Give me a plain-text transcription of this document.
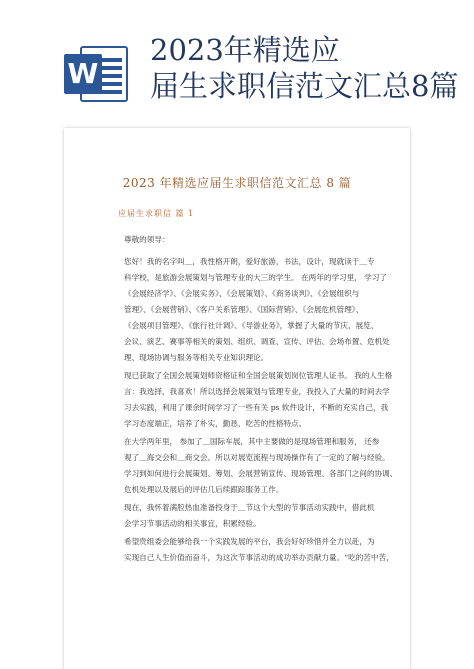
W
2023年精选应
届生求职信范文汇总8篇
2023 年精选应届生求职信范文汇总 8 篇
应届生求职信 篇 1
尊敬的领导：
您好！我的名字叫＿，我性格开朗，爱好旅游，书法，设计，现就读于＿专
科学校，是旅游会展策划与管理专业的大三的学生。 在两年的学习里， 学习了
《会展经济学》、《会展实务》、《会展策划》、《商务谈判》、《会展组织与
管理》、《会展营销》、《客户关系管理》、《国际营销》、《会展危机管理》、
《会展项目管理》、《旅行社计调》、《导游业务》，掌握了大量的节庆、展览、
会议、演艺、赛事等相关的策划、组织、调查、宣传、评估、会场布置、危机处
理、现场协调与服务等相关专业知识理论。
现已获取了全国会展策划师资格证和全国会展策划岗位管理人证书。 我的人生格
言：我选择，我喜欢！所以选择会展策划与管理专业，我投入了大量的时间去学
习去实践，利用了课余时间学习了一些有关 ps 软件设计，不断的充实自己，我
学习态度端正，培养了朴实，勤恳，吃苦的性格特点。
在大学两年里， 参加了＿国际车展，其中主要做的是现场管理和服务， 还参
观了＿海交会和＿商交会。所以对展览流程与现场操作有了一定的了解与经验。
学习到如何进行会展策划、筹划、会展营销宣传、现场管理、各部门之间的协调、
危机处理以及展后的评估几后续跟踪服务工作。
现在，我怀着满腔热血准备投身于＿节这个大型的节事活动实践中，借此机
会学习节事活动的相关事宜，积累经验。
希望贵组委会能够给我一个实践发展的平台，我会好好珍惜并全力以赴，为
实现自己人生价值而奋斗，为这次节事活动的成功举办贡献力量。“吃的苦中苦，
